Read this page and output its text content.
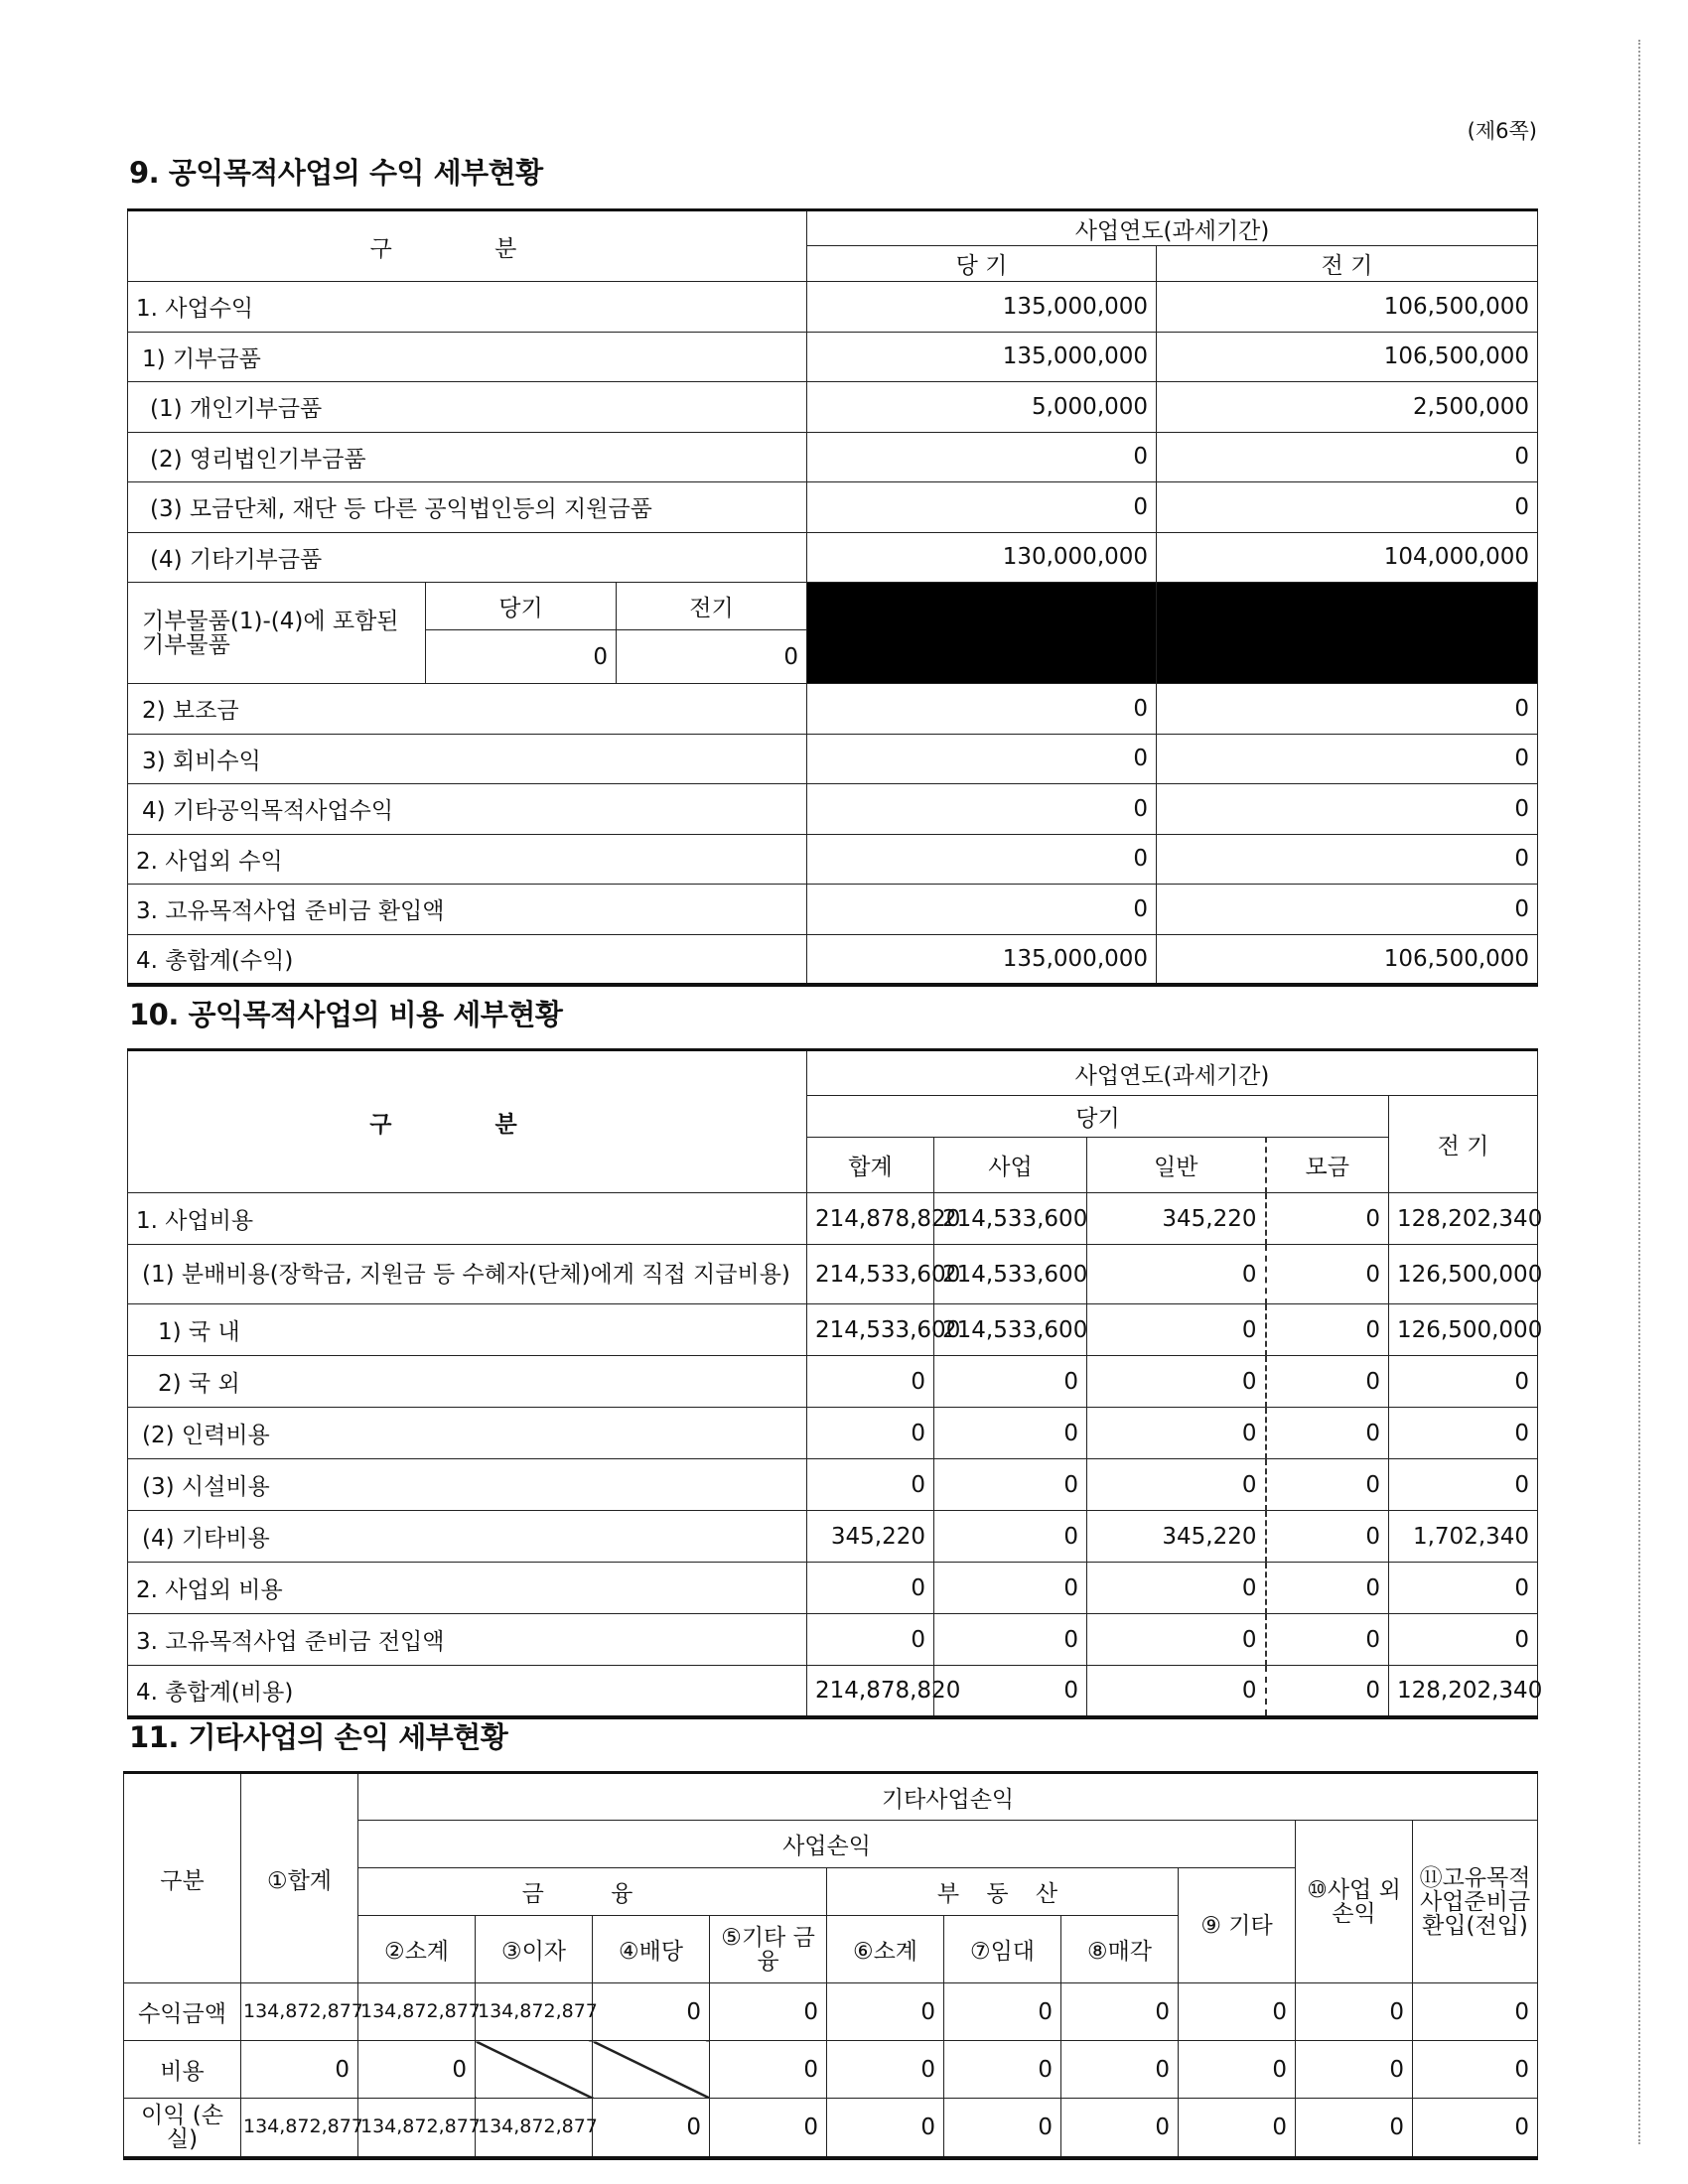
(제6쪽)
9. 공익목적사업의 수익 세부현황
구 분			사업연도(과세기간)	
			당 기	전 기
1. 사업수익			135,000,000	106,500,000
1) 기부금품			135,000,000	106,500,000
(1) 개인기부금품			5,000,000	2,500,000
(2) 영리법인기부금품			0	0
(3) 모금단체, 재단 등 다른 공익법인등의 지원금품			0	0
(4) 기타기부금품			130,000,000	104,000,000
기부물품(1)-(4)에 포함된 기부물품	당기	전기		
	0	0		
2) 보조금			0	0
3) 회비수익			0	0
4) 기타공익목적사업수익			0	0
2. 사업외 수익			0	0
3. 고유목적사업 준비금 환입액			0	0
4. 총합계(수익)			135,000,000	106,500,000
10. 공익목적사업의 비용 세부현황
구 분	사업연도(과세기간)				
	당기				전 기
	합계	사업	일반	모금	
1. 사업비용	214,878,820	214,533,600	345,220	0	128,202,340
(1) 분배비용(장학금, 지원금 등 수혜자(단체)에게 직접 지급비용)	214,533,600	214,533,600	0	0	126,500,000
1) 국 내	214,533,600	214,533,600	0	0	126,500,000
2) 국 외	0	0	0	0	0
(2) 인력비용	0	0	0	0	0
(3) 시설비용	0	0	0	0	0
(4) 기타비용	345,220	0	345,220	0	1,702,340
2. 사업외 비용	0	0	0	0	0
3. 고유목적사업 준비금 전입액	0	0	0	0	0
4. 총합계(비용)	214,878,820	0	0	0	128,202,340
11. 기타사업의 손익 세부현황
구분	①합계	기타사업손익									
		사업손익								⑩사업 외손익	⑪고유목적사업준비금환입(전입)
		금 융				부 동 산			⑨ 기타		
		②소계	③이자	④배당	⑤기타 금융	⑥소계	⑦임대	⑧매각			
수익금액	134,872,877	134,872,877	134,872,877	0	0	0	0	0	0	0	0
비용	0	0			0	0	0	0	0	0	0
이익 (손실)	134,872,877	134,872,877	134,872,877	0	0	0	0	0	0	0	0
